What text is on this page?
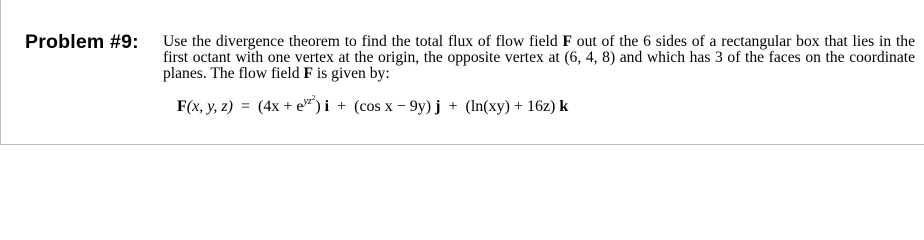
Problem #9: Use the divergence theorem to find the total flux of flow field F out of the 6 sides of a rectangular box that lies in the first octant with one vertex at the origin, the opposite vertex at (6, 4, 8) and which has 3 of the faces on the coordinate planes. The flow field F is given by:
F(x, y, $z) = (4x + e^{yz^2})$ i + (cos x − 9y) j + (ln(xy) + 16z) k
